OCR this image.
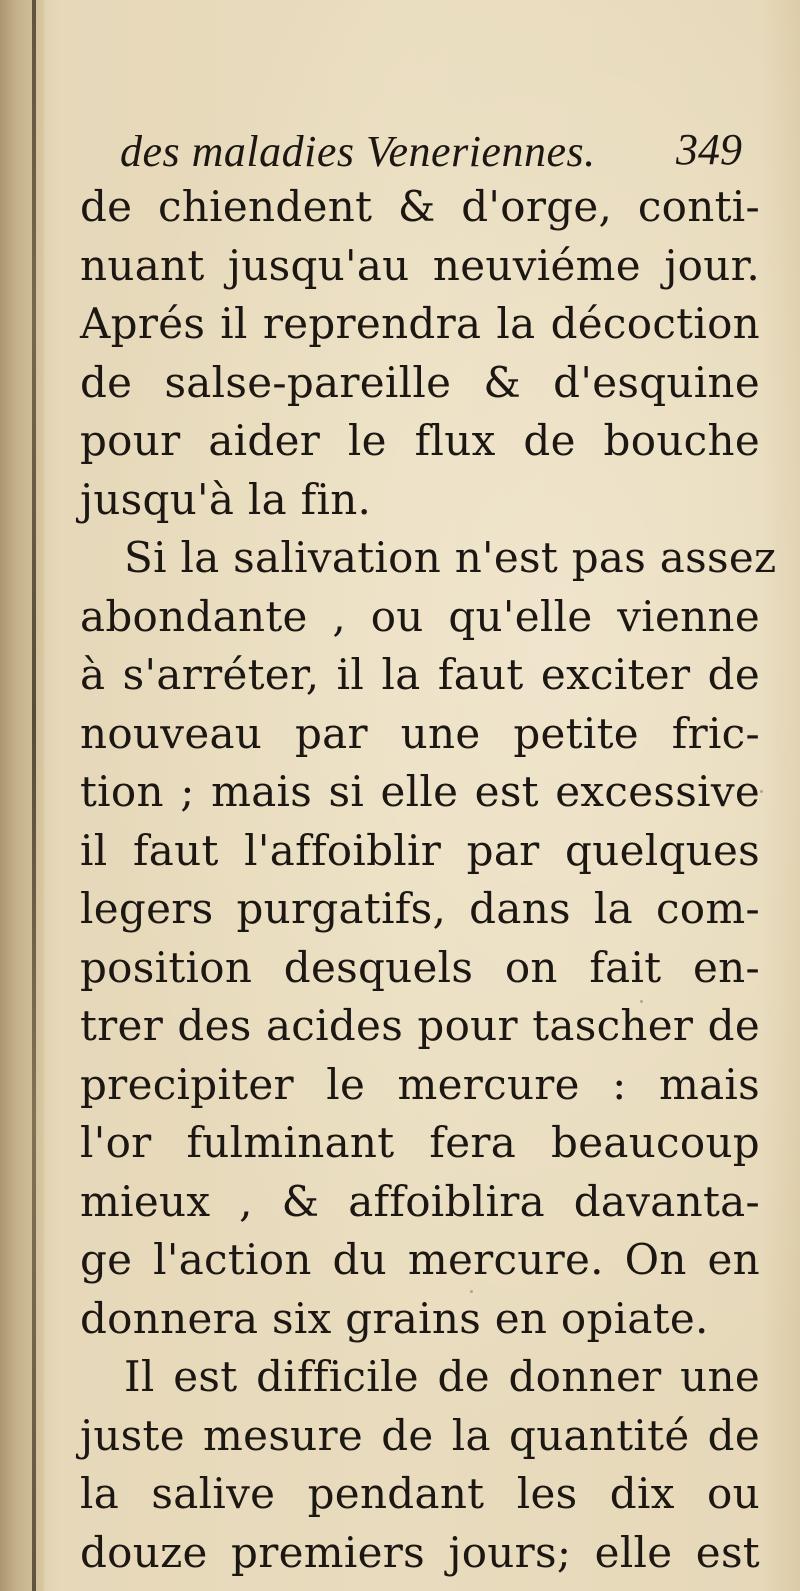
des maladies Veneriennes. 349
de chiendent & d'orge, conti-
nuant jusqu'au neuviéme jour.
Aprés il reprendra la décoction
de salse-pareille & d'esquine
pour aider le flux de bouche
jusqu'à la fin.
Si la salivation n'est pas assez
abondante , ou qu'elle vienne
à s'arréter, il la faut exciter de
nouveau par une petite fric-
tion ; mais si elle est excessive
il faut l'affoiblir par quelques
legers purgatifs, dans la com-
position desquels on fait en-
trer des acides pour tascher de
precipiter le mercure : mais
l'or fulminant fera beaucoup
mieux , & affoiblira davanta-
ge l'action du mercure. On en
donnera six grains en opiate.
Il est difficile de donner une
juste mesure de la quantité de
la salive pendant les dix ou
douze premiers jours; elle est
